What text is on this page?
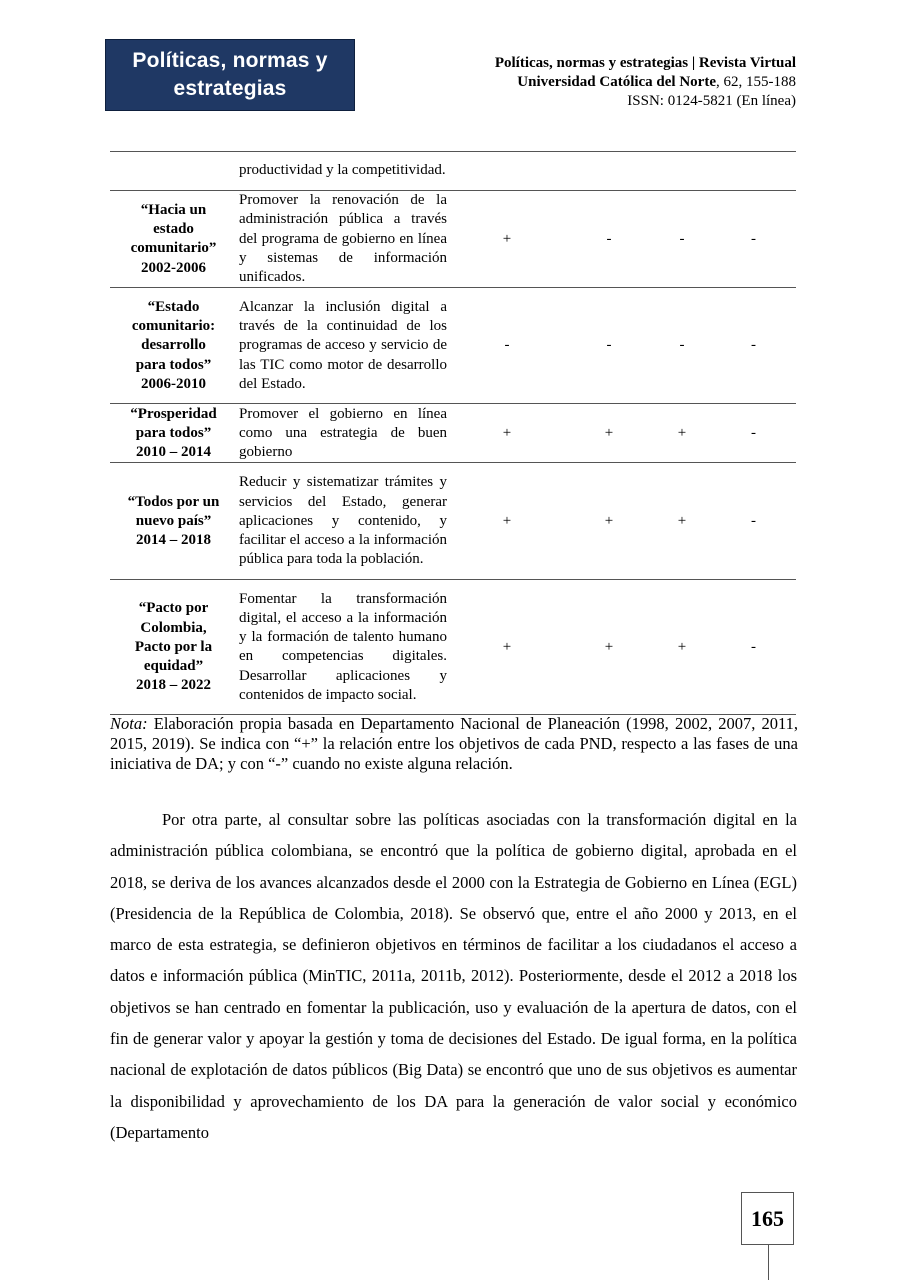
Políticas, normas y
estrategias
Políticas, normas y estrategias | Revista Virtual
Universidad Católica del Norte, 62, 155-188
ISSN: 0124-5821 (En línea)
	productividad y la competitividad.				

“Hacia un
estado
comunitario”
2002-2006	Promover la renovación de la administración pública a través del programa de gobierno en línea y sistemas de información unificados.	+	-	-	-

“Estado
comunitario:
desarrollo
para todos”
2006-2010	Alcanzar la inclusión digital a través de la continuidad de los programas de acceso y servicio de las TIC como motor de desarrollo del Estado.	-	-	-	-

“Prosperidad
para todos”
2010 – 2014	Promover el gobierno en línea como una estrategia de buen gobierno	+	+	+	-

“Todos por un
nuevo país”
2014 – 2018	Reducir y sistematizar trámites y servicios del Estado, generar aplicaciones y contenido, y facilitar el acceso a la información pública para toda la población.	+	+	+	-

“Pacto por
Colombia,
Pacto por la
equidad”
2018 – 2022	Fomentar la transformación digital, el acceso a la información y la formación de talento humano en competencias digitales. Desarrollar aplicaciones y contenidos de impacto social.	+	+	+	-
Nota: Elaboración propia basada en Departamento Nacional de Planeación (1998, 2002, 2007, 2011, 2015, 2019). Se indica con “+” la relación entre los objetivos de cada PND, respecto a las fases de una iniciativa de DA; y con “-” cuando no existe alguna relación.

Por otra parte, al consultar sobre las políticas asociadas con la transformación digital en la administración pública colombiana, se encontró que la política de gobierno digital, aprobada en el 2018, se deriva de los avances alcanzados desde el 2000 con la Estrategia de Gobierno en Línea (EGL) (Presidencia de la República de Colombia, 2018). Se observó que, entre el año 2000 y 2013, en el marco de esta estrategia, se definieron objetivos en términos de facilitar a los ciudadanos el acceso a datos e información pública (MinTIC, 2011a, 2011b, 2012). Posteriormente, desde el 2012 a 2018 los objetivos se han centrado en fomentar la publicación, uso y evaluación de la apertura de datos, con el fin de generar valor y apoyar la gestión y toma de decisiones del Estado. De igual forma, en la política nacional de explotación de datos públicos (Big Data) se encontró que uno de sus objetivos es aumentar la disponibilidad y aprovechamiento de los DA para la generación de valor social y económico (Departamento

165
